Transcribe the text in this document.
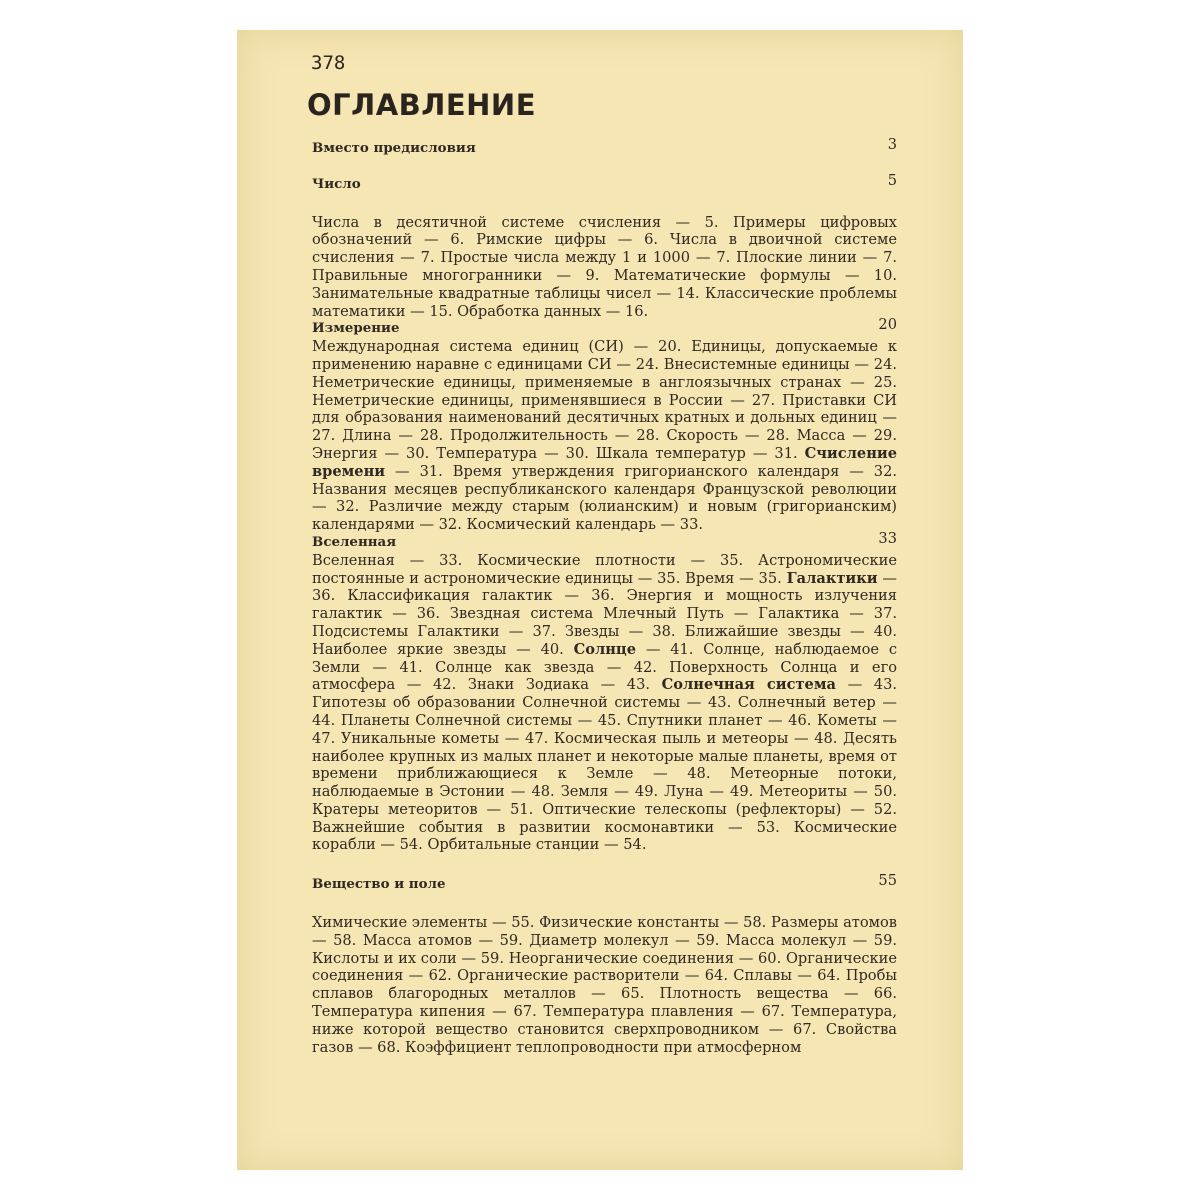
378
ОГЛАВЛЕНИЕ
Вместо предисловия	3
Число	5

Числа в десятичной системе счисления — 5. Примеры цифровых обозначений — 6. Римские цифры — 6. Числа в двоичной системе счисления — 7. Простые числа между 1 и 1000 — 7. Плоские линии — 7. Правильные многогранники — 9. Математические формулы — 10. Занимательные квадратные таблицы чисел — 14. Классические проблемы математики — 15. Обработка данных — 16.

Измерение	20

Международная система единиц (СИ) — 20. Единицы, допускаемые к применению наравне с единицами СИ — 24. Внесистемные единицы — 24. Неметрические единицы, применяемые в англоязычных странах — 25. Неметрические единицы, применявшиеся в России — 27. Приставки СИ для образования наименований десятичных кратных и дольных единиц — 27. Длина — 28. Продолжительность — 28. Скорость — 28. Масса — 29. Энергия — 30. Температура — 30. Шкала температур — 31. Счисление времени — 31. Время утверждения григорианского календаря — 32. Названия месяцев республиканского календаря Французской революции — 32. Различие между старым (юлианским) и новым (григорианским) календарями — 32. Космический календарь — 33.

Вселенная	33

Вселенная — 33. Космические плотности — 35. Астрономические постоянные и астрономические единицы — 35. Время — 35. Галактики — 36. Классификация галактик — 36. Энергия и мощность излучения галактик — 36. Звездная система Млечный Путь — Галактика — 37. Подсистемы Галактики — 37. Звезды — 38. Ближайшие звезды — 40. Наиболее яркие звезды — 40. Солнце — 41. Солнце, наблюдаемое с Земли — 41. Солнце как звезда — 42. Поверхность Солнца и его атмосфера — 42. Знаки Зодиака — 43. Солнечная система — 43. Гипотезы об образовании Солнечной системы — 43. Солнечный ветер — 44. Планеты Солнечной системы — 45. Спутники планет — 46. Кометы — 47. Уникальные кометы — 47. Космическая пыль и метеоры — 48. Десять наиболее крупных из малых планет и некоторые малые планеты, время от времени приближающиеся к Земле — 48. Метеорные потоки, наблюдаемые в Эстонии — 48. Земля — 49. Луна — 49. Метеориты — 50. Кратеры метеоритов — 51. Оптические телескопы (рефлекторы) — 52. Важнейшие события в развитии космонавтики — 53. Космические корабли — 54. Орбитальные станции — 54.

Вещество и поле	55

Химические элементы — 55. Физические константы — 58. Размеры атомов — 58. Масса атомов — 59. Диаметр молекул — 59. Масса молекул — 59. Кислоты и их соли — 59. Неорганические соединения — 60. Органические соединения — 62. Органические растворители — 64. Сплавы — 64. Пробы сплавов благородных металлов — 65. Плотность вещества — 66. Температура кипения — 67. Температура плавления — 67. Температура, ниже которой вещество становится сверхпроводником — 67. Свойства газов — 68. Коэффициент теплопроводности при атмосферном
